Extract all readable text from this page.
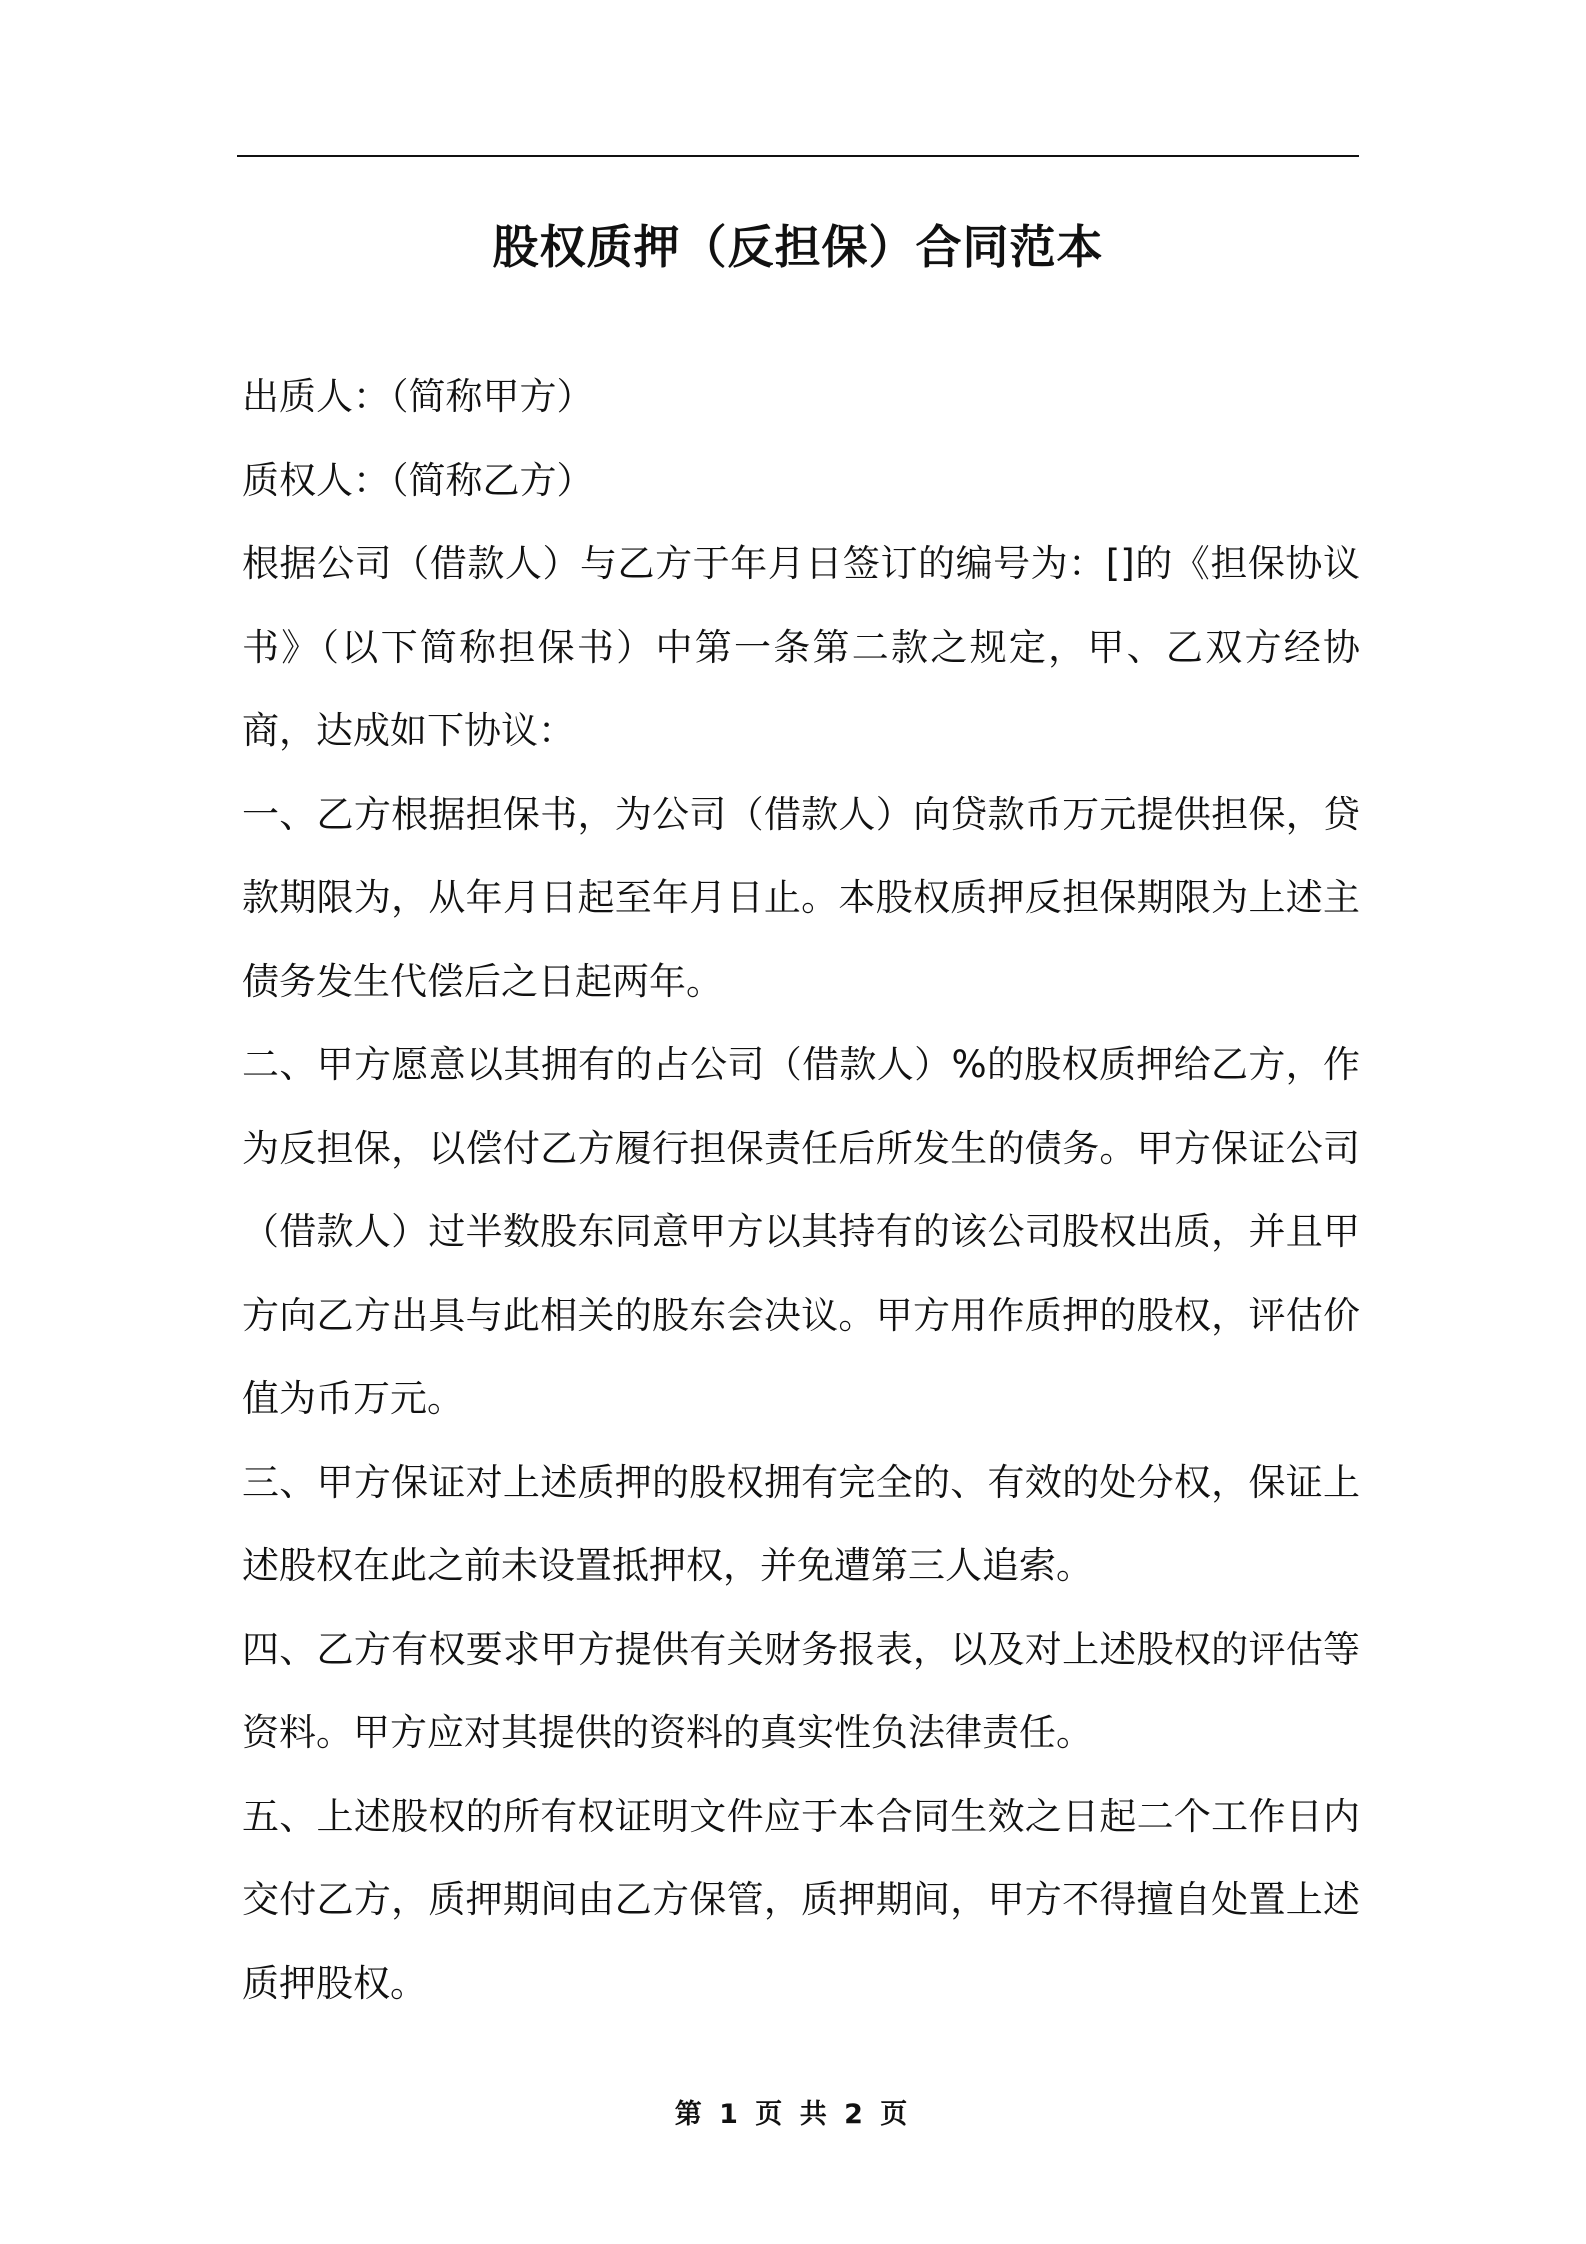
股权质押（反担保）合同范本

出质人：（简称甲方）

质权人：（简称乙方）

根据公司（借款人）与乙方于年月日签订的编号为：[]的《担保协议书》（以下简称担保书）中第一条第二款之规定，甲、乙双方经协商，达成如下协议：

一、乙方根据担保书，为公司（借款人）向贷款币万元提供担保，贷款期限为，从年月日起至年月日止。本股权质押反担保期限为上述主债务发生代偿后之日起两年。

二、甲方愿意以其拥有的占公司（借款人）%的股权质押给乙方，作为反担保，以偿付乙方履行担保责任后所发生的债务。甲方保证公司（借款人）过半数股东同意甲方以其持有的该公司股权出质，并且甲方向乙方出具与此相关的股东会决议。甲方用作质押的股权，评估价值为币万元。

三、甲方保证对上述质押的股权拥有完全的、有效的处分权，保证上述股权在此之前未设置抵押权，并免遭第三人追索。

四、乙方有权要求甲方提供有关财务报表，以及对上述股权的评估等资料。甲方应对其提供的资料的真实性负法律责任。

五、上述股权的所有权证明文件应于本合同生效之日起二个工作日内交付乙方，质押期间由乙方保管，质押期间，甲方不得擅自处置上述质押股权。

第 1 页 共 2 页
